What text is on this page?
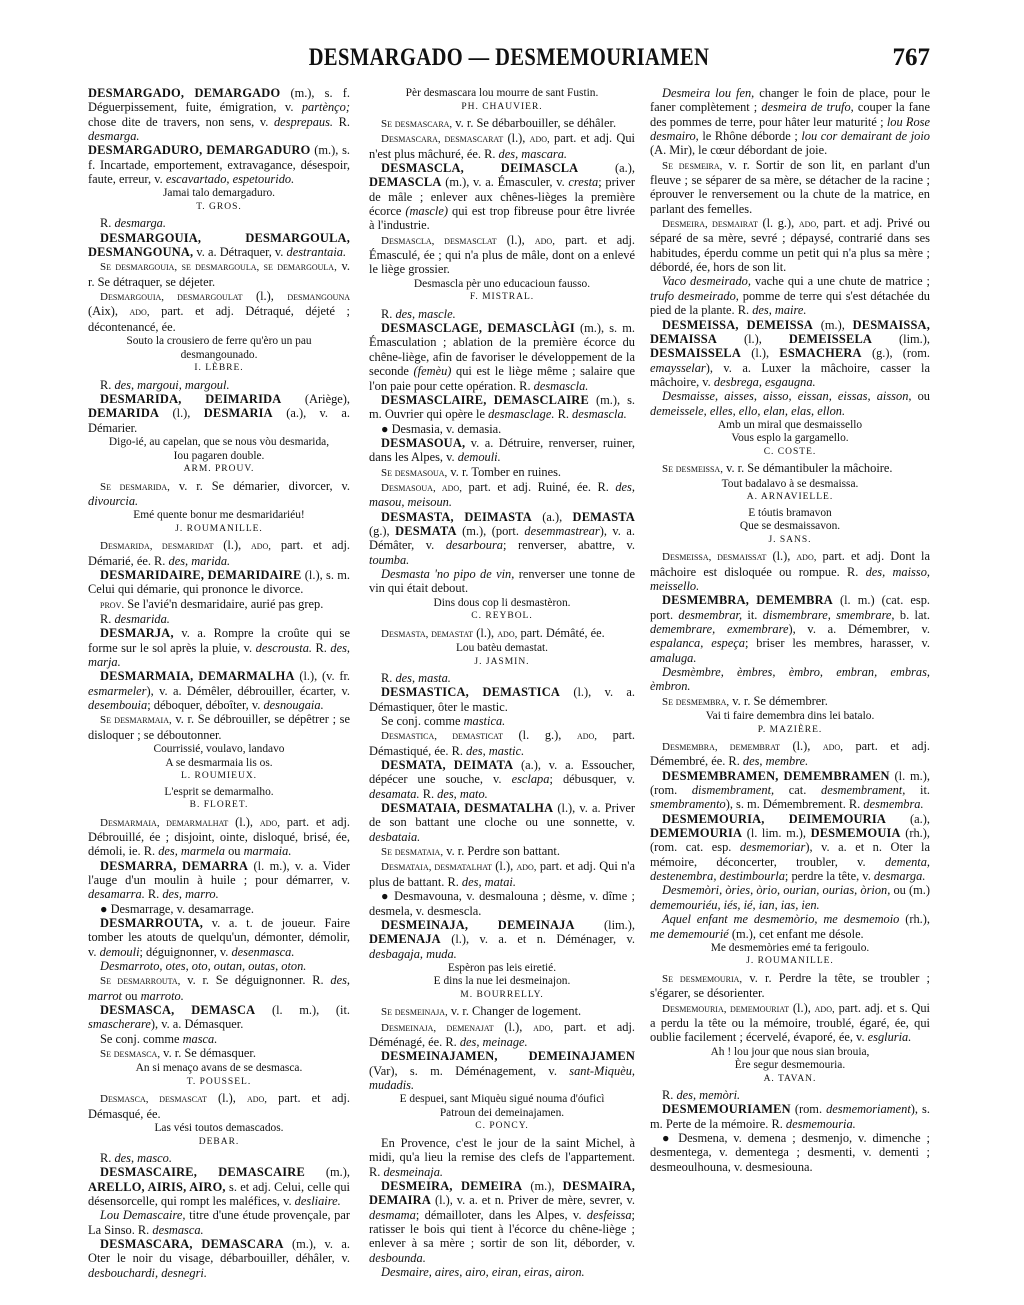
DESMARGADO — DESMEMOURIAMEN	767

DESMARGADO, DEMARGADO (m.), s. f. Déguerpissement, fuite, émigration, v. partènço; chose dite de travers, non sens, v. desprepaus. R. desmarga.

DESMARGADURO, DEMARGADURO (m.), s. f. Incartade, emportement, extravagance, désespoir, faute, erreur, v. escavartado, espetourido.

Jamai talo demargaduro.
T. GROS.

R. desmarga.

DESMARGOUIA, DESMARGOULA, DESMANGOUNA, v. a. Détraquer, v. destrantaia.

Se desmargouia, se desmargoula, se demargoula, v. r. Se détraquer, se déjeter.

Desmargouia, desmargoulat (l.), desmangouna (Aix), ado, part. et adj. Détraqué, déjeté ; décontenancé, ée.

Souto la crousiero de ferre qu'èro un pau desmangounado.
I. LÈBRE.

R. des, margoui, margoul.

DESMARIDA, DEIMARIDA (Ariège), DEMARIDA (l.), DESMARIA (a.), v. a. Démarier.

Digo-ié, au capelan, que se nous vòu desmarida,
Iou pagaren double.
ARM. PROUV.

Se desmarida, v. r. Se démarier, divorcer, v. divourcia.

Emé quente bonur me desmaridariéu!
J. ROUMANILLE.

Desmarida, desmaridat (l.), ado, part. et adj. Démarié, ée. R. des, marida.

DESMARIDAIRE, DEMARIDAIRE (l.), s. m. Celui qui démarie, qui prononce le divorce.

prov. Se l'avié'n desmaridaire, aurié pas grep.

R. desmarida.

DESMARJA, v. a. Rompre la croûte qui se forme sur le sol après la pluie, v. descrousta. R. des, marja.

DESMARMAIA, DEMARMALHA (l.), (v. fr. esmarmeler), v. a. Démêler, débrouiller, écarter, v. desembouia; déboquer, déboîter, v. desnougaia.

Se desmarmaia, v. r. Se débrouiller, se dépêtrer ; se disloquer ; se déboutonner.

Courrissié, voulavo, landavo
A se desmarmaia lis os.
L. ROUMIEUX.
L'esprit se demarmalho.
B. FLORET.

Desmarmaia, demarmalhat (l.), ado, part. et adj. Débrouillé, ée ; disjoint, ointe, disloqué, brisé, ée, démoli, ie. R. des, marmela ou marmaia.

DESMARRA, DEMARRA (l. m.), v. a. Vider l'auge d'un moulin à huile ; pour démarrer, v. desamarra. R. des, marro.

● Desmarrage, v. desamarrage.

DESMARROUTA, v. a. t. de joueur. Faire tomber les atouts de quelqu'un, démonter, démolir, v. demouli; déguignonner, v. desenmasca.

Desmarroto, otes, oto, outan, outas, oton.

Se desmarrouta, v. r. Se déguignonner. R. des, marrot ou marroto.

DESMASCA, DEMASCA (l. m.), (it. smascherare), v. a. Démasquer.

Se conj. comme masca.

Se desmasca, v. r. Se démasquer.

An si menaço avans de se desmasca.
T. POUSSEL.

Desmasca, desmascat (l.), ado, part. et adj. Démasqué, ée.

Las vési toutos demascados.
DEBAR.

R. des, masco.

DESMASCAIRE, DEMASCAIRE (m.), ARELLO, AIRIS, AIRO, s. et adj. Celui, celle qui désensorcelle, qui rompt les maléfices, v. desliaire.

Lou Demascaire, titre d'une étude provençale, par La Sinso. R. desmasca.

DESMASCARA, DEMASCARA (m.), v. a. Oter le noir du visage, débarbouiller, déhâler, v. desbouchardi, desnegri.

Pèr desmascara lou mourre de sant Fustin.
PH. CHAUVIER.

Se desmascara, v. r. Se débarbouiller, se déhâler.

Desmascara, desmascarat (l.), ado, part. et adj. Qui n'est plus mâchuré, ée. R. des, mascara.

DESMASCLA, DEIMASCLA (a.), DEMASCLA (m.), v. a. Émasculer, v. cresta; priver de mâle ; enlever aux chênes-lièges la première écorce (mascle) qui est trop fibreuse pour être livrée à l'industrie.

Desmascla, desmasclat (l.), ado, part. et adj. Émasculé, ée ; qui n'a plus de mâle, dont on a enlevé le liège grossier.

Desmascla pèr uno educacioun fausso.
F. MISTRAL.

R. des, mascle.

DESMASCLAGE, DEMASCLÀGI (m.), s. m. Émasculation ; ablation de la première écorce du chêne-liège, afin de favoriser le développement de la seconde (femèu) qui est le liège même ; salaire que l'on paie pour cette opération. R. desmascla.

DESMASCLAIRE, DEMASCLAIRE (m.), s. m. Ouvrier qui opère le desmasclage. R. desmascla.

● Desmasia, v. demasia.

DESMASOUA, v. a. Détruire, renverser, ruiner, dans les Alpes, v. demouli.

Se desmasoua, v. r. Tomber en ruines.

Desmasoua, ado, part. et adj. Ruiné, ée. R. des, masou, meisoun.

DESMASTA, DEIMASTA (a.), DEMASTA (g.), DESMATA (m.), (port. desemmastrear), v. a. Démâter, v. desarboura; renverser, abattre, v. toumba.

Desmasta 'no pipo de vin, renverser une tonne de vin qui était debout.

Dins dous cop li desmastèron.
C. REYBOL.

Desmasta, demastat (l.), ado, part. Démâté, ée.

Lou batèu demastat.
J. JASMIN.

R. des, masta.

DESMASTICA, DEMASTICA (l.), v. a. Démastiquer, ôter le mastic.

Se conj. comme mastica.

Desmastica, demasticat (l. g.), ado, part. Démastiqué, ée. R. des, mastic.

DESMATA, DEIMATA (a.), v. a. Essoucher, dépécer une souche, v. esclapa; débusquer, v. desamata. R. des, mato.

DESMATAIA, DESMATALHA (l.), v. a. Priver de son battant une cloche ou une sonnette, v. desbataia.

Se desmataia, v. r. Perdre son battant.

Desmataia, desmatalhat (l.), ado, part. et adj. Qui n'a plus de battant. R. des, matai.

● Desmavouna, v. desmalouna ; dèsme, v. dîme ; desmela, v. desmescla.

DESMEINAJA, DEMEINAJA (lim.), DEMENAJA (l.), v. a. et n. Déménager, v. desbagaja, muda.

Espèron pas leis eiretié.
E dins la nue lei desmeinajon.
M. BOURRELLY.

Se desmeinaja, v. r. Changer de logement.

Desmeinaja, demenajat (l.), ado, part. et adj. Déménagé, ée. R. des, meinage.

DESMEINAJAMEN, DEMEINAJAMEN (Var), s. m. Déménagement, v. sant-Miquèu, mudadis.

E despuei, sant Miquèu sigué nouma d'óuficì
Patroun dei demeinajamen.
C. PONCY.

En Provence, c'est le jour de la saint Michel, à midi, qu'a lieu la remise des clefs de l'appartement. R. desmeinaja.

DESMEIRA, DEMEIRA (m.), DESMAIRA, DEMAIRA (l.), v. a. et n. Priver de mère, sevrer, v. desmama; démailloter, dans les Alpes, v. desfeissa; ratisser le bois qui tient à l'écorce du chêne-liège ; enlever à sa mère ; sortir de son lit, déborder, v. desbounda.

Desmaire, aires, airo, eiran, eiras, airon.

Desmeira lou fen, changer le foin de place, pour le faner complètement ; desmeira de trufo, couper la fane des pommes de terre, pour hâter leur maturité ; lou Rose desmairo, le Rhône déborde ; lou cor demairant de joio (A. Mir), le cœur débordant de joie.

Se desmeira, v. r. Sortir de son lit, en parlant d'un fleuve ; se séparer de sa mère, se détacher de la racine ; éprouver le renversement ou la chute de la matrice, en parlant des femelles.

Desmeira, desmairat (l. g.), ado, part. et adj. Privé ou séparé de sa mère, sevré ; dépaysé, contrarié dans ses habitudes, éperdu comme un petit qui n'a plus sa mère ; débordé, ée, hors de son lit.

Vaco desmeirado, vache qui a une chute de matrice ; trufo desmeirado, pomme de terre qui s'est détachée du pied de la plante. R. des, maire.

DESMEISSA, DEMEISSA (m.), DESMAISSA, DEMAISSA (l.), DEMEISSELA (lim.), DESMAISSELA (l.), ESMACHERA (g.), (rom. emaysselar), v. a. Luxer la mâchoire, casser la mâchoire, v. desbrega, esgaugna.

Desmaisse, aisses, aisso, eissan, eissas, aisson, ou demeissele, elles, ello, elan, elas, ellon.

Amb un miral que desmaissello
Vous esplo la gargamello.
C. COSTE.

Se desmeissa, v. r. Se démantibuler la mâchoire.

Tout badalavo à se desmaissa.
A. ARNAVIELLE.
E tóutis bramavon
Que se desmaissavon.
J. SANS.

Desmeissa, desmaissat (l.), ado, part. et adj. Dont la mâchoire est disloquée ou rompue. R. des, maisso, meissello.

DESMEMBRA, DEMEMBRA (l. m.) (cat. esp. port. desmembrar, it. dismembrare, smembrare, b. lat. demembrare, exmembrare), v. a. Démembrer, v. espalanca, espeça; briser les membres, harasser, v. amaluga.

Desmèmbre, èmbres, èmbro, embran, embras, èmbron.

Se desmembra, v. r. Se démembrer.

Vai ti faire demembra dins lei batalo.
P. MAZIÈRE.

Desmembra, demembrat (l.), ado, part. et adj. Démembré, ée. R. des, membre.

DESMEMBRAMEN, DEMEMBRAMEN (l. m.), (rom. dismembrament, cat. desmembrament, it. smembramento), s. m. Démembrement. R. desmembra.

DESMEMOURIA, DEIMEMOURIA (a.), DEMEMOURIA (l. lim. m.), DESMEMOUIA (rh.), (rom. cat. esp. desmemoriar), v. a. et n. Oter la mémoire, déconcerter, troubler, v. dementa, destenembra, destimbourla; perdre la tête, v. desmarga.

Desmemòri, òries, òrio, ourian, ourias, òrion, ou (m.) dememouriéu, iés, ié, ian, ias, ien.

Aquel enfant me desmemòrio, me desmemoio (rh.), me dememourié (m.), cet enfant me désole.

Me desmemòries emé ta ferigoulo.
J. ROUMANILLE.

Se desmemouria, v. r. Perdre la tête, se troubler ; s'égarer, se désorienter.

Desmemouria, dememouriat (l.), ado, part. adj. et s. Qui a perdu la tête ou la mémoire, troublé, égaré, ée, qui oublie facilement ; écervelé, évaporé, ée, v. esgluria.

Ah ! lou jour que nous sian brouia,
Ère segur desmemouria.
A. TAVAN.

R. des, memòri.

DESMEMOURIAMEN (rom. desmemoriament), s. m. Perte de la mémoire. R. desmemouria.

● Desmena, v. demena ; desmenjo, v. dimenche ; desmentega, v. dementega ; desmenti, v. dementi ; desmeoulhouna, v. desmesiouna.
